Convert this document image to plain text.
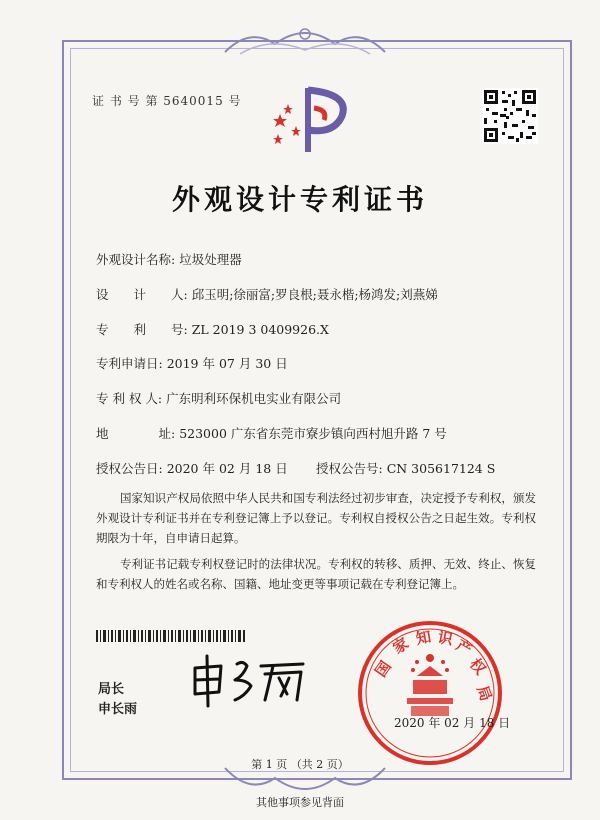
证 书 号 第 5640015 号
外观设计专利证书
外观设计名称: 垃圾处理器
设　　计　　人: 邱玉明;徐丽富;罗良根;聂永楷;杨鸿发;刘燕娣
专　　利　　号: ZL 2019 3 0409926.X
专利申请日: 2019 年 07 月 30 日
专 利 权 人: 广东明利环保机电实业有限公司
地　　　　址: 523000 广东省东莞市寮步镇向西村旭升路 7 号
授权公告日: 2020 年 02 月 18 日 授权公告号: CN 305617124 S
国家知识产权局依照中华人民共和国专利法经过初步审查，决定授予专利权，颁发外观设计专利证书并在专利登记簿上予以登记。专利权自授权公告之日起生效。专利权期限为十年，自申请日起算。
专利证书记载专利权登记时的法律状况。专利权的转移、质押、无效、终止、恢复和专利权人的姓名或名称、国籍、地址变更等事项记载在专利登记簿上。
局长
申长雨
国
家 知 识
产
权
局
2020 年 02 月 18 日
第 1 页 （共 2 页）
其他事项参见背面
